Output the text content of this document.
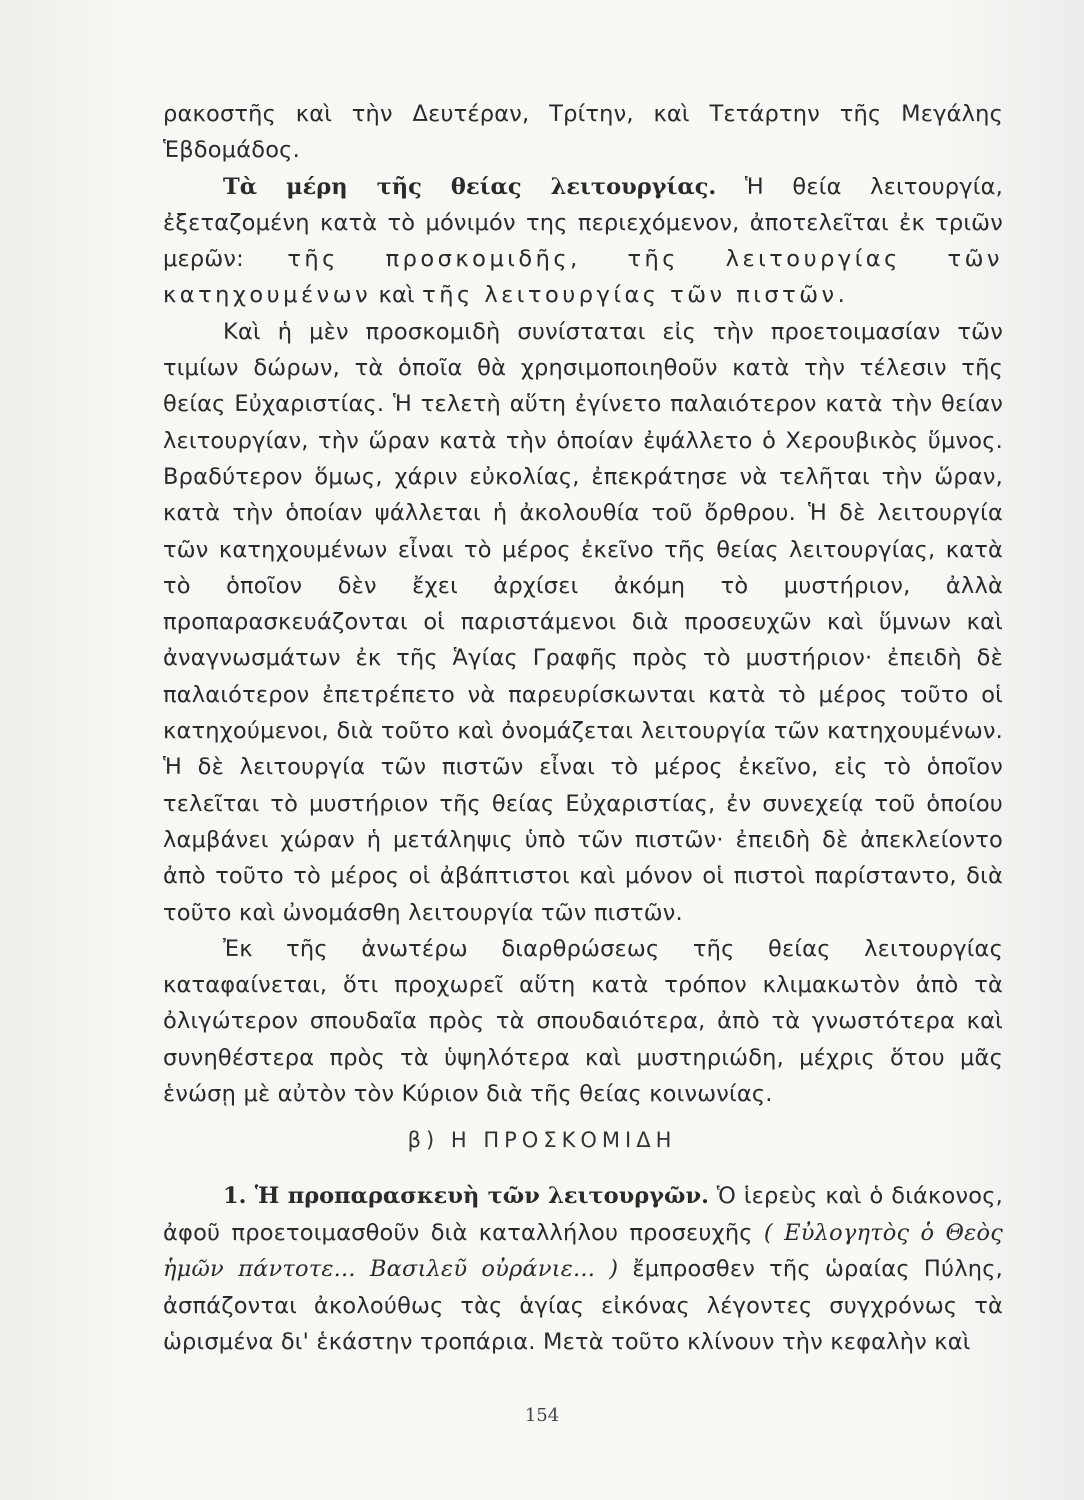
ρακοστῆς καὶ τὴν Δευτέραν, Τρίτην, καὶ Τετάρτην τῆς Μεγάλης Ἑβδομάδος.

Τὰ μέρη τῆς θείας λειτουργίας. Ἡ θεία λειτουργία, ἐξεταζομένη κατὰ τὸ μόνιμόν της περιεχόμενον, ἀποτελεῖται ἐκ τριῶν μερῶν: τῆς προσκομιδῆς, τῆς λειτουργίας τῶν κατηχουμένων καὶ τῆς λειτουργίας τῶν πιστῶν.

Καὶ ἡ μὲν προσκομιδὴ συνίσταται εἰς τὴν προετοιμασίαν τῶν τιμίων δώρων, τὰ ὁποῖα θὰ χρησιμοποιηθοῦν κατὰ τὴν τέλεσιν τῆς θείας Εὐχαριστίας. Ἡ τελετὴ αὕτη ἐγίνετο παλαιότερον κατὰ τὴν θείαν λειτουργίαν, τὴν ὥραν κατὰ τὴν ὁποίαν ἐψάλλετο ὁ Χερουβικὸς ὕμνος. Βραδύτερον ὅμως, χάριν εὐκολίας, ἐπεκράτησε νὰ τελῆται τὴν ὥραν, κατὰ τὴν ὁποίαν ψάλλεται ἡ ἀκολουθία τοῦ ὄρθρου. Ἡ δὲ λειτουργία τῶν κατηχουμένων εἶναι τὸ μέρος ἐκεῖνο τῆς θείας λειτουργίας, κατὰ τὸ ὁποῖον δὲν ἔχει ἀρχίσει ἀκόμη τὸ μυστήριον, ἀλλὰ προπαρασκευάζονται οἱ παριστάμενοι διὰ προσευχῶν καὶ ὕμνων καὶ ἀναγνωσμάτων ἐκ τῆς Ἁγίας Γραφῆς πρὸς τὸ μυστήριον· ἐπειδὴ δὲ παλαιότερον ἐπετρέπετο νὰ παρευρίσκωνται κατὰ τὸ μέρος τοῦτο οἱ κατηχούμενοι, διὰ τοῦτο καὶ ὀνομάζεται λειτουργία τῶν κατηχουμένων. Ἡ δὲ λειτουργία τῶν πιστῶν εἶναι τὸ μέρος ἐκεῖνο, εἰς τὸ ὁποῖον τελεῖται τὸ μυστήριον τῆς θείας Εὐχαριστίας, ἐν συνεχείᾳ τοῦ ὁποίου λαμβάνει χώραν ἡ μετάληψις ὑπὸ τῶν πιστῶν· ἐπειδὴ δὲ ἀπεκλείοντο ἀπὸ τοῦτο τὸ μέρος οἱ ἀβάπτιστοι καὶ μόνον οἱ πιστοὶ παρίσταντο, διὰ τοῦτο καὶ ὠνομάσθη λειτουργία τῶν πιστῶν.

Ἐκ τῆς ἀνωτέρω διαρθρώσεως τῆς θείας λειτουργίας καταφαίνεται, ὅτι προχωρεῖ αὕτη κατὰ τρόπον κλιμακωτὸν ἀπὸ τὰ ὀλιγώτερον σπουδαῖα πρὸς τὰ σπουδαιότερα, ἀπὸ τὰ γνωστότερα καὶ συνηθέστερα πρὸς τὰ ὑψηλότερα καὶ μυστηριώδη, μέχρις ὅτου μᾶς ἑνώσῃ μὲ αὐτὸν τὸν Κύριον διὰ τῆς θείας κοινωνίας.

β) Η ΠΡΟΣΚΟΜΙΔΗ

1. Ἡ προπαρασκευὴ τῶν λειτουργῶν. Ὁ ἱερεὺς καὶ ὁ διάκονος, ἀφοῦ προετοιμασθοῦν διὰ καταλλήλου προσευχῆς ( Εὐλογητὸς ὁ Θεὸς ἡμῶν πάντοτε... Βασιλεῦ οὐράνιε... ) ἔμπροσθεν τῆς ὡραίας Πύλης, ἀσπάζονται ἀκολούθως τὰς ἁγίας εἰκόνας λέγοντες συγχρόνως τὰ ὡρισμένα δι' ἑκάστην τροπάρια. Μετὰ τοῦτο κλίνουν τὴν κεφαλὴν καὶ

154
